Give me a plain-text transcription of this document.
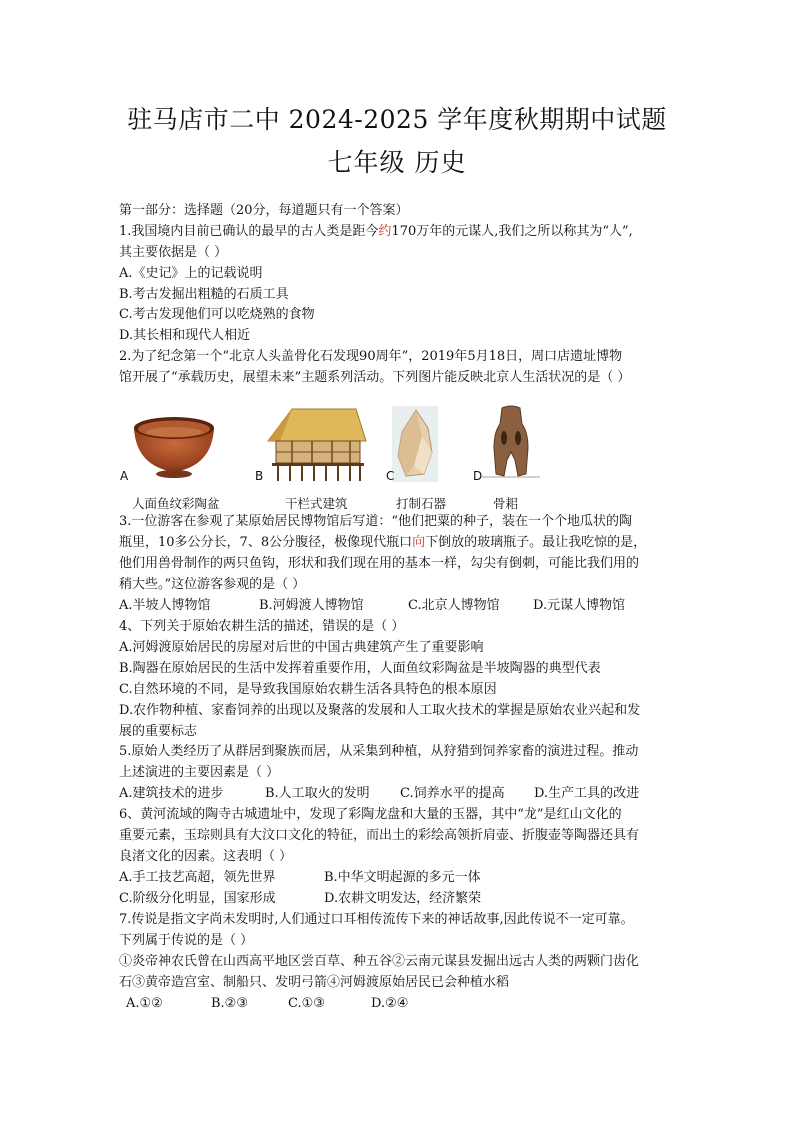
驻马店市二中 2024-2025 学年度秋期期中试题
七年级 历史
第一部分：选择题（20分，每道题只有一个答案）
1.我国境内目前已确认的最早的古人类是距今约170万年的元谋人,我们之所以称其为“人”,
其主要依据是（ ）
A.《史记》上的记载说明
B.考古发掘出粗糙的石质工具
C.考古发现他们可以吃烧熟的食物
D.其长相和现代人相近
2.为了纪念第一个“北京人头盖骨化石发现90周年”，2019年5月18日，周口店遗址博物
馆开展了“承载历史，展望未来”主题系列活动。下列图片能反映北京人生活状况的是（ ）
A	B	C	D
人面鱼纹彩陶盆	干栏式建筑	打制石器	骨耜
3.一位游客在参观了某原始居民博物馆后写道：“他们把粟的种子，装在一个个地瓜状的陶
瓶里，10多公分长，7、8公分腹径，极像现代瓶口向下倒放的玻璃瓶子。最让我吃惊的是，
他们用兽骨制作的两只鱼钩，形状和我们现在用的基本一样，勾尖有倒刺，可能比我们用的
稍大些。”这位游客参观的是（ ）
A.半坡人博物馆	B.河姆渡人博物馆	C.北京人博物馆	D.元谋人博物馆
4、下列关于原始农耕生活的描述，错误的是（ ）
A.河姆渡原始居民的房屋对后世的中国古典建筑产生了重要影响
B.陶器在原始居民的生活中发挥着重要作用，人面鱼纹彩陶盆是半坡陶器的典型代表
C.自然环境的不同，是导致我国原始农耕生活各具特色的根本原因
D.农作物种植、家畜饲养的出现以及聚落的发展和人工取火技术的掌握是原始农业兴起和发
展的重要标志
5.原始人类经历了从群居到聚族而居，从采集到种植，从狩猎到饲养家畜的演进过程。推动
上述演进的主要因素是（ ）
A.建筑技术的进步	B.人工取火的发明 C.饲养水平的提高 D.生产工具的改进
6、黄河流域的陶寺古城遗址中，发现了彩陶龙盘和大量的玉器，其中“龙”是红山文化的
重要元素，玉琮则具有大汶口文化的特征，而出土的彩绘高领折肩壶、折腹壶等陶器还具有
良渚文化的因素。这表明（ ）
A.手工技艺高超，领先世界	B.中华文明起源的多元一体
C.阶级分化明显，国家形成	D.农耕文明发达，经济繁荣
7.传说是指文字尚未发明时,人们通过口耳相传流传下来的神话故事,因此传说不一定可靠。
下列属于传说的是（ ）
①炎帝神农氏曾在山西高平地区尝百草、种五谷②云南元谋县发掘出远古人类的两颗门齿化
石③黄帝造宫室、制船只、发明弓箭④河姆渡原始居民已会种植水稻
A.①②	B.②③	C.①③	D.②④
